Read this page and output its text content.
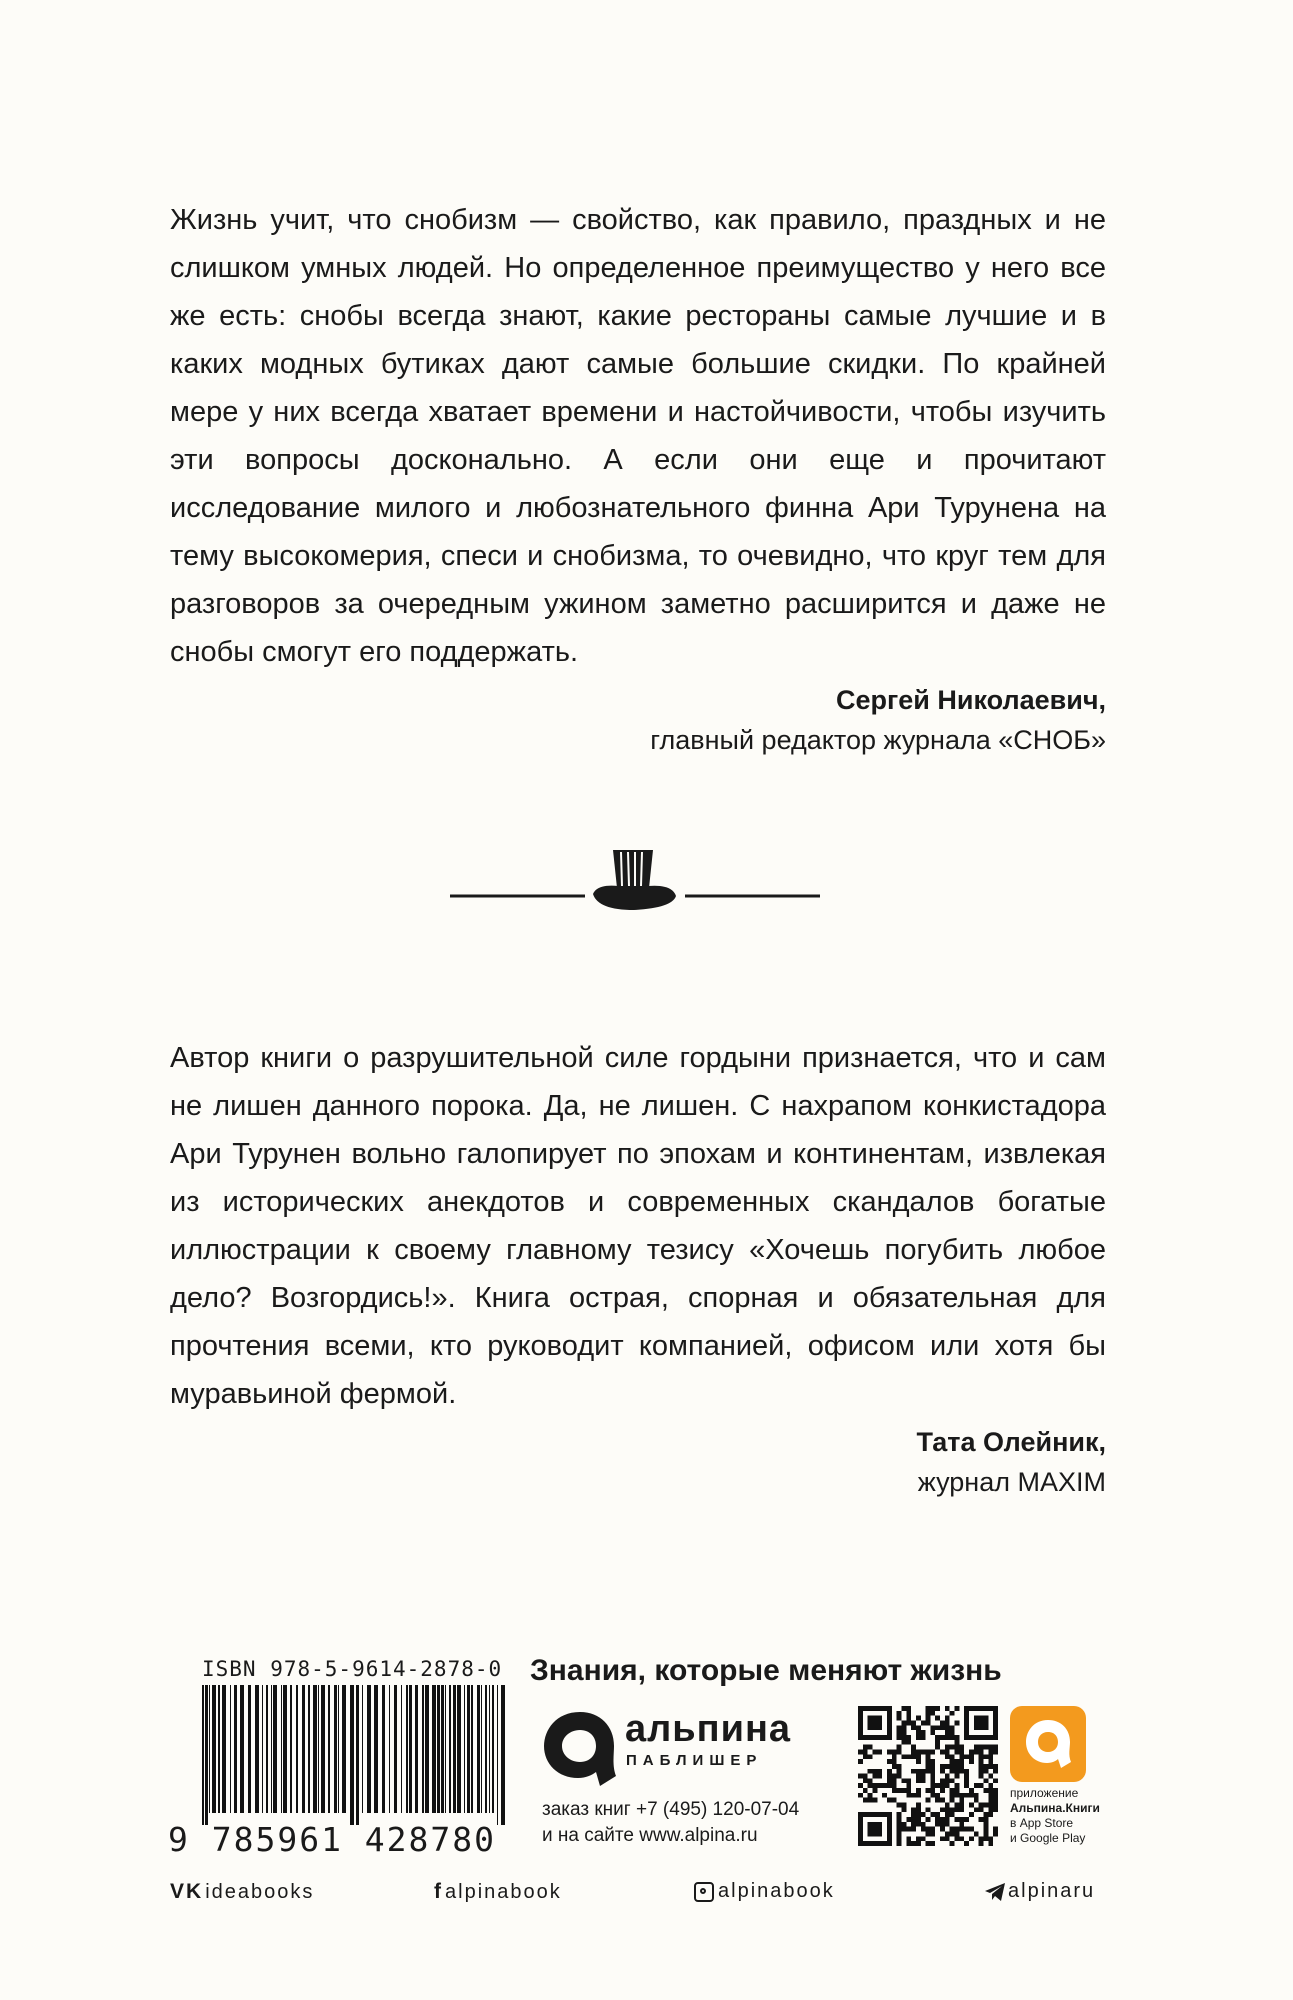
Жизнь учит, что снобизм — свойство, как правило, праздных и не слишком умных людей. Но определенное преимущество у него все же есть: снобы всегда знают, какие рестораны самые лучшие и в каких модных бутиках дают самые большие скидки. По крайней мере у них всегда хватает времени и настойчивости, чтобы изучить эти вопросы досконально. А если они еще и прочитают исследование милого и любознательного финна Ари Турунена на тему высокомерия, спеси и снобизма, то очевидно, что круг тем для разговоров за очередным ужином заметно расширится и даже не снобы смогут его поддержать.

Сергей Николаевич,
главный редактор журнала «СНОБ»

Автор книги о разрушительной силе гордыни признается, что и сам не лишен данного порока. Да, не лишен. С нахрапом конкистадора Ари Турунен вольно галопирует по эпохам и континентам, извлекая из исторических анекдотов и современных скандалов богатые иллюстрации к своему главному тезису «Хочешь погубить любое дело? Возгордись!». Книга острая, спорная и обязательная для прочтения всеми, кто руководит компанией, офисом или хотя бы муравьиной фермой.

Тата Олейник,
журнал MAXIM
ISBN 978-5-9614-2878-0
9 785961 428780
Знания, которые меняют жизнь
альпина
ПАБЛИШЕР
заказ книг +7 (495) 120-07-04
и на сайте www.alpina.ru
приложение
Альпина.Книги
в App Store
и Google Play
VK ideabooks	f alpinabook	alpinabook	alpinaru
